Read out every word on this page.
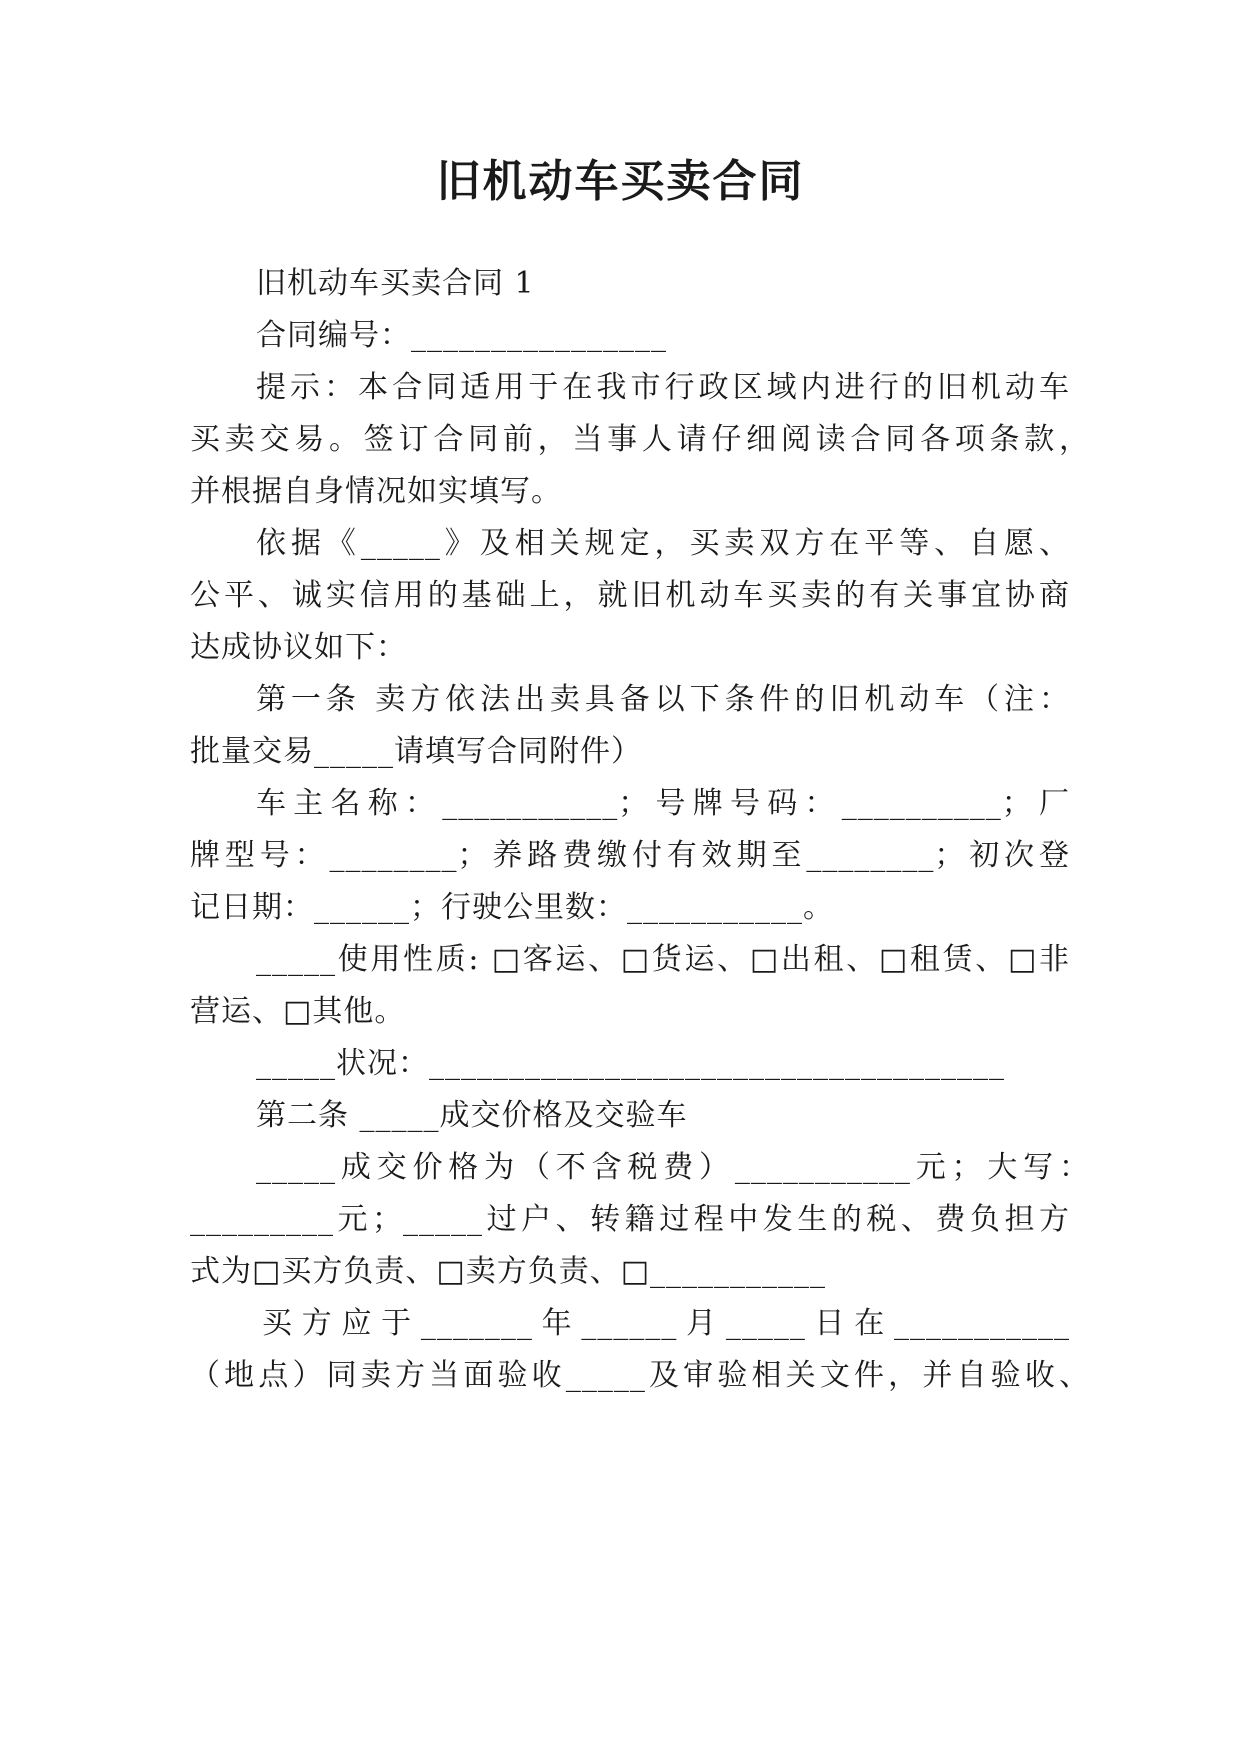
旧机动车买卖合同
旧机动车买卖合同 1
合同编号：________________
提示：本合同适用于在我市行政区域内进行的旧机动车
买卖交易。签订合同前，当事人请仔细阅读合同各项条款，
并根据自身情况如实填写。
依据《_____》及相关规定，买卖双方在平等、自愿、
公平、诚实信用的基础上，就旧机动车买卖的有关事宜协商
达成协议如下：
第一条 卖方依法出卖具备以下条件的旧机动车（注：
批量交易_____请填写合同附件）
车主名称：___________；号牌号码：__________；厂
牌型号：________；养路费缴付有效期至________；初次登
记日期：______；行驶公里数：___________。
_____使用性质: □客运、□货运、□出租、□租赁、□非
营运、□其他。
_____状况：____________________________________
第二条 _____成交价格及交验车
_____成交价格为（不含税费）___________元；大写：
_________元；_____过户、转籍过程中发生的税、费负担方
式为□买方负责、□卖方负责、□___________
买方应于_______年______月_____日在___________
（地点）同卖方当面验收_____及审验相关文件，并自验收、
